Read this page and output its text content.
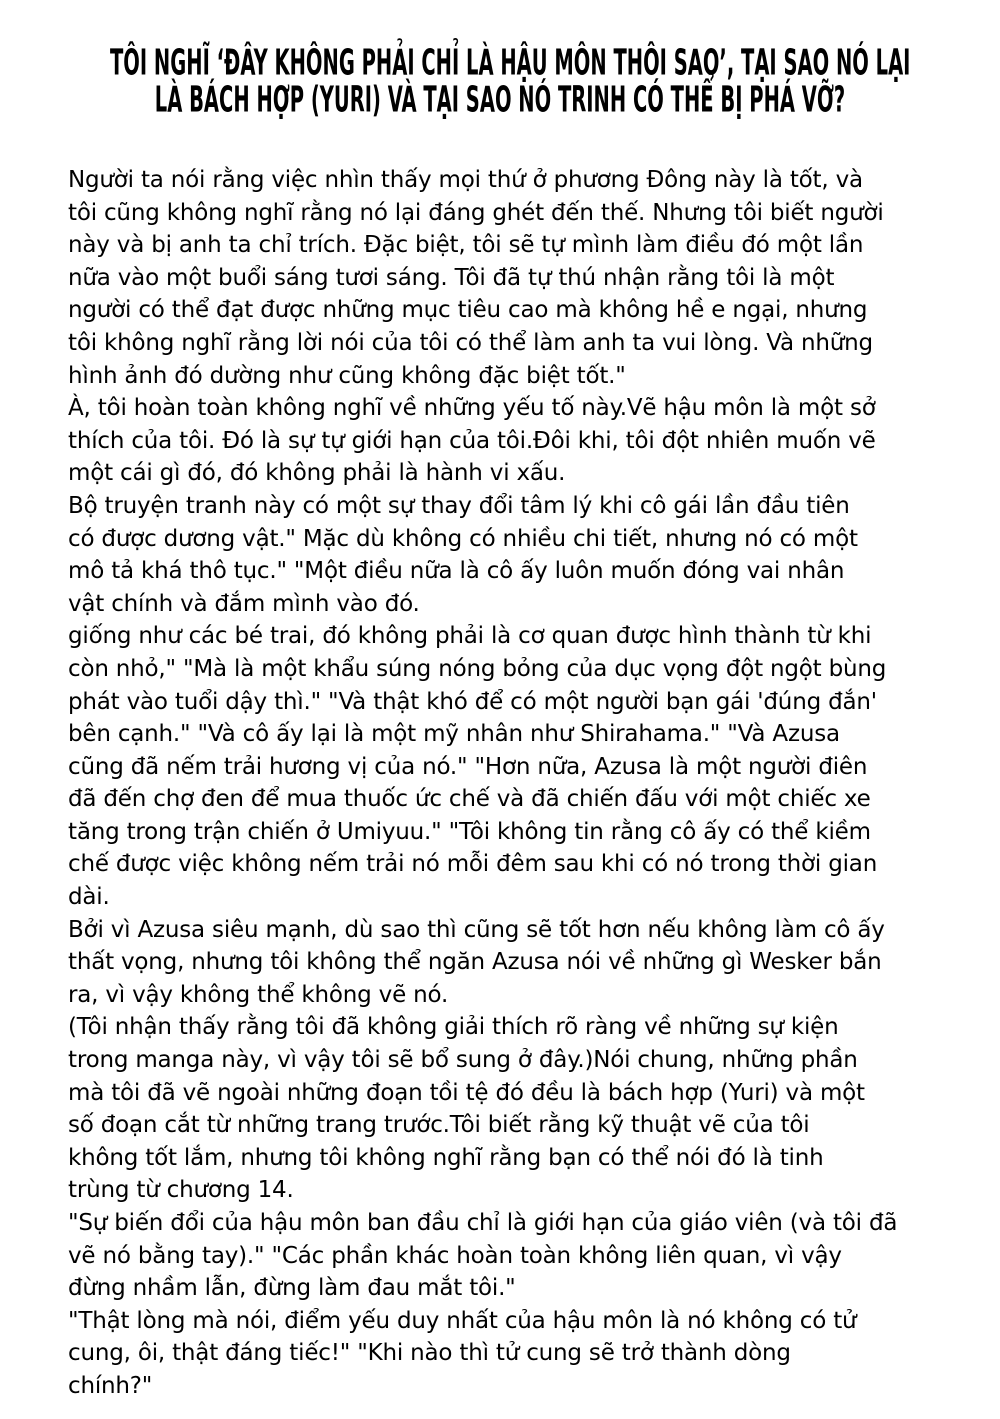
TÔI NGHĨ ‘ĐÂY KHÔNG PHẢI CHỈ LÀ HẬU MÔN THÔI SAO’, TẠI SAO NÓ LẠI
LÀ BÁCH HỢP (YURI) VÀ TẠI SAO NÓ TRINH CÓ THỂ BỊ PHÁ VỠ?
Người ta nói rằng việc nhìn thấy mọi thứ ở phương Đông này là tốt, và
tôi cũng không nghĩ rằng nó lại đáng ghét đến thế. Nhưng tôi biết người
này và bị anh ta chỉ trích. Đặc biệt, tôi sẽ tự mình làm điều đó một lần
nữa vào một buổi sáng tươi sáng. Tôi đã tự thú nhận rằng tôi là một
người có thể đạt được những mục tiêu cao mà không hề e ngại, nhưng
tôi không nghĩ rằng lời nói của tôi có thể làm anh ta vui lòng. Và những
hình ảnh đó dường như cũng không đặc biệt tốt."
À, tôi hoàn toàn không nghĩ về những yếu tố này.Vẽ hậu môn là một sở
thích của tôi. Đó là sự tự giới hạn của tôi.Đôi khi, tôi đột nhiên muốn vẽ
một cái gì đó, đó không phải là hành vi xấu.
Bộ truyện tranh này có một sự thay đổi tâm lý khi cô gái lần đầu tiên
có được dương vật." Mặc dù không có nhiều chi tiết, nhưng nó có một
mô tả khá thô tục." "Một điều nữa là cô ấy luôn muốn đóng vai nhân
vật chính và đắm mình vào đó.
giống như các bé trai, đó không phải là cơ quan được hình thành từ khi
còn nhỏ," "Mà là một khẩu súng nóng bỏng của dục vọng đột ngột bùng
phát vào tuổi dậy thì." "Và thật khó để có một người bạn gái 'đúng đắn'
bên cạnh." "Và cô ấy lại là một mỹ nhân như Shirahama." "Và Azusa
cũng đã nếm trải hương vị của nó." "Hơn nữa, Azusa là một người điên
đã đến chợ đen để mua thuốc ức chế và đã chiến đấu với một chiếc xe
tăng trong trận chiến ở Umiyuu." "Tôi không tin rằng cô ấy có thể kiềm
chế được việc không nếm trải nó mỗi đêm sau khi có nó trong thời gian
dài.
Bởi vì Azusa siêu mạnh, dù sao thì cũng sẽ tốt hơn nếu không làm cô ấy
thất vọng, nhưng tôi không thể ngăn Azusa nói về những gì Wesker bắn
ra, vì vậy không thể không vẽ nó.
(Tôi nhận thấy rằng tôi đã không giải thích rõ ràng về những sự kiện
trong manga này, vì vậy tôi sẽ bổ sung ở đây.)Nói chung, những phần
mà tôi đã vẽ ngoài những đoạn tồi tệ đó đều là bách hợp (Yuri) và một
số đoạn cắt từ những trang trước.Tôi biết rằng kỹ thuật vẽ của tôi
không tốt lắm, nhưng tôi không nghĩ rằng bạn có thể nói đó là tinh
trùng từ chương 14.
"Sự biến đổi của hậu môn ban đầu chỉ là giới hạn của giáo viên (và tôi đã
vẽ nó bằng tay)." "Các phần khác hoàn toàn không liên quan, vì vậy
đừng nhầm lẫn, đừng làm đau mắt tôi."
"Thật lòng mà nói, điểm yếu duy nhất của hậu môn là nó không có tử
cung, ôi, thật đáng tiếc!" "Khi nào thì tử cung sẽ trở thành dòng
chính?"
